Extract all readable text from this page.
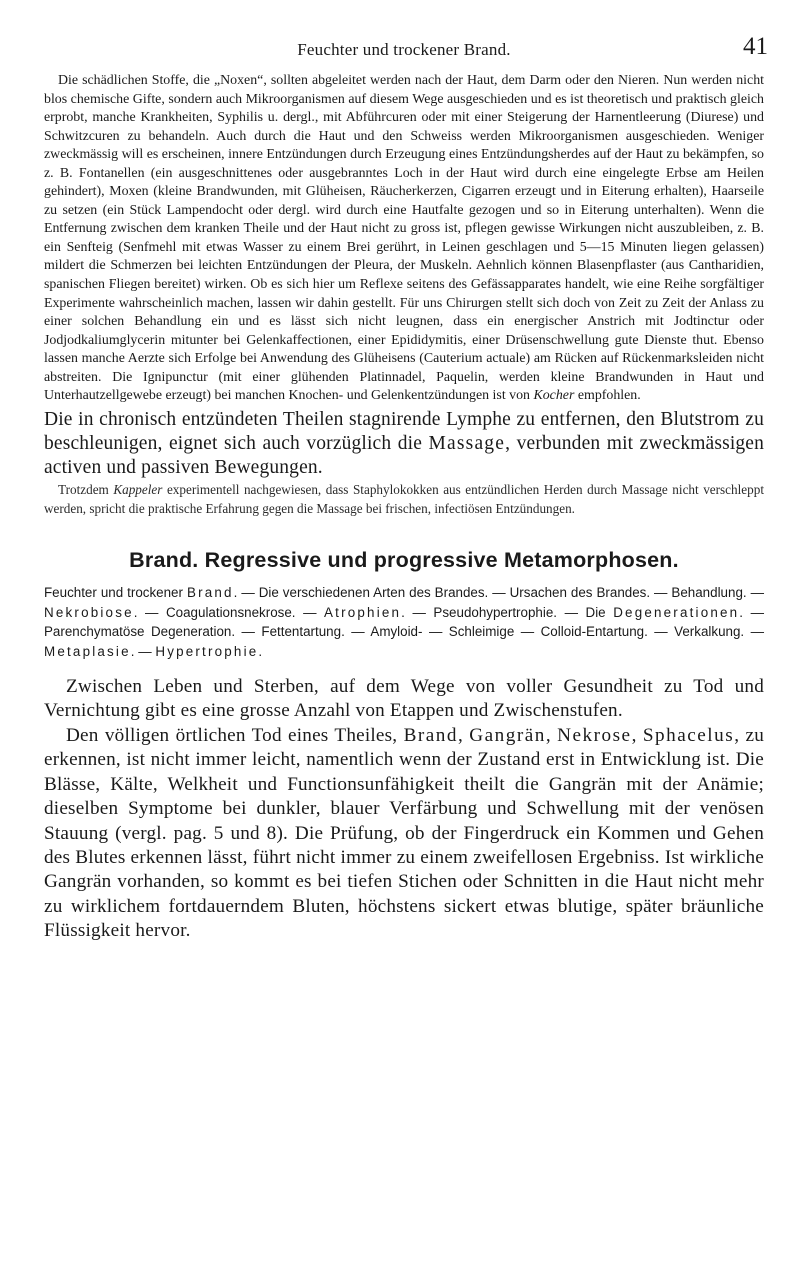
Feuchter und trockener Brand.	41

Die schädlichen Stoffe, die „Noxen“, sollten abgeleitet werden nach der Haut, dem Darm oder den Nieren. Nun werden nicht blos chemische Gifte, sondern auch Mikroorganismen auf diesem Wege ausgeschieden und es ist theoretisch und praktisch gleich erprobt, manche Krankheiten, Syphilis u. dergl., mit Abführcuren oder mit einer Steigerung der Harnentleerung (Diurese) und Schwitzcuren zu behandeln. Auch durch die Haut und den Schweiss werden Mikroorganismen ausgeschieden. Weniger zweckmässig will es erscheinen, innere Entzündungen durch Erzeugung eines Entzündungsherdes auf der Haut zu bekämpfen, so z. B. Fontanellen (ein ausgeschnittenes oder ausgebranntes Loch in der Haut wird durch eine eingelegte Erbse am Heilen gehindert), Moxen (kleine Brandwunden, mit Glüheisen, Räucherkerzen, Cigarren erzeugt und in Eiterung erhalten), Haarseile zu setzen (ein Stück Lampendocht oder dergl. wird durch eine Hautfalte gezogen und so in Eiterung unterhalten). Wenn die Entfernung zwischen dem kranken Theile und der Haut nicht zu gross ist, pflegen gewisse Wirkungen nicht auszubleiben, z. B. ein Senfteig (Senfmehl mit etwas Wasser zu einem Brei gerührt, in Leinen geschlagen und 5—15 Minuten liegen gelassen) mildert die Schmerzen bei leichten Entzündungen der Pleura, der Muskeln. Aehnlich können Blasenpflaster (aus Cantharidien, spanischen Fliegen bereitet) wirken. Ob es sich hier um Reflexe seitens des Gefässapparates handelt, wie eine Reihe sorgfältiger Experimente wahrscheinlich machen, lassen wir dahin gestellt. Für uns Chirurgen stellt sich doch von Zeit zu Zeit der Anlass zu einer solchen Behandlung ein und es lässt sich nicht leugnen, dass ein energischer Anstrich mit Jodtinctur oder Jodjodkaliumglycerin mitunter bei Gelenkaffectionen, einer Epididymitis, einer Drüsenschwellung gute Dienste thut. Ebenso lassen manche Aerzte sich Erfolge bei Anwendung des Glüheisens (Cauterium actuale) am Rücken auf Rückenmarksleiden nicht abstreiten. Die Ignipunctur (mit einer glühenden Platinnadel, Paquelin, werden kleine Brandwunden in Haut und Unterhautzellgewebe erzeugt) bei manchen Knochen- und Gelenkentzündungen ist von Kocher empfohlen.

Die in chronisch entzündeten Theilen stagnirende Lymphe zu entfernen, den Blutstrom zu beschleunigen, eignet sich auch vorzüglich die Massage, verbunden mit zweckmässigen activen und passiven Bewegungen.

Trotzdem Kappeler experimentell nachgewiesen, dass Staphylokokken aus entzündlichen Herden durch Massage nicht verschleppt werden, spricht die praktische Erfahrung gegen die Massage bei frischen, infectiösen Entzündungen.

Brand. Regressive und progressive Metamorphosen.

Feuchter und trockener Brand. — Die verschiedenen Arten des Brandes. — Ursachen des Brandes. — Behandlung. — Nekrobiose. — Coagulationsnekrose. — Atrophien. — Pseudohypertrophie. — Die Degenerationen. — Parenchymatöse Degeneration. — Fettentartung. — Amyloid- — Schleimige — Colloid-Entartung. — Verkalkung. — Metaplasie. — Hypertrophie.

Zwischen Leben und Sterben, auf dem Wege von voller Gesundheit zu Tod und Vernichtung gibt es eine grosse Anzahl von Etappen und Zwischenstufen.

Den völligen örtlichen Tod eines Theiles, Brand, Gangrän, Nekrose, Sphacelus, zu erkennen, ist nicht immer leicht, namentlich wenn der Zustand erst in Entwicklung ist. Die Blässe, Kälte, Welkheit und Functionsunfähigkeit theilt die Gangrän mit der Anämie; dieselben Symptome bei dunkler, blauer Verfärbung und Schwellung mit der venösen Stauung (vergl. pag. 5 und 8). Die Prüfung, ob der Fingerdruck ein Kommen und Gehen des Blutes erkennen lässt, führt nicht immer zu einem zweifellosen Ergebniss. Ist wirkliche Gangrän vorhanden, so kommt es bei tiefen Stichen oder Schnitten in die Haut nicht mehr zu wirklichem fortdauerndem Bluten, höchstens sickert etwas blutige, später bräunliche Flüssigkeit hervor.
